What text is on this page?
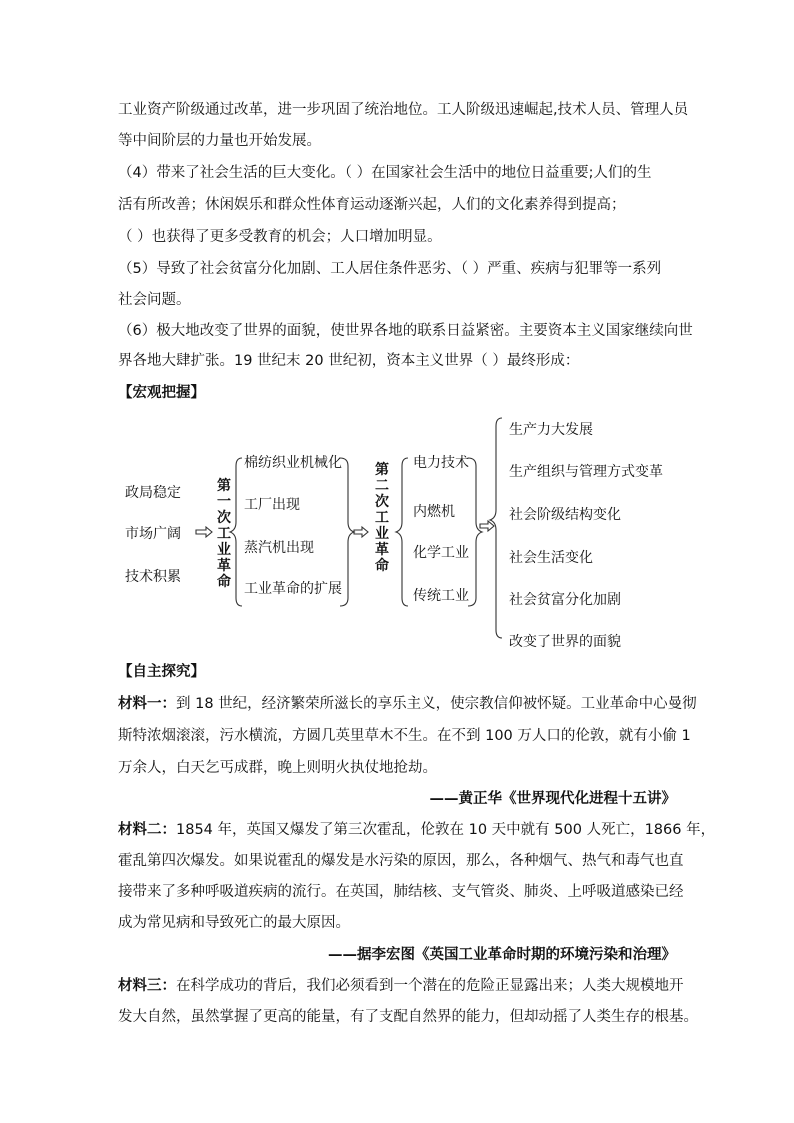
工业资产阶级通过改革，进一步巩固了统治地位。工人阶级迅速崛起,技术人员、管理人员
等中间阶层的力量也开始发展。
（4）带来了社会生活的巨大变化。（ ）在国家社会生活中的地位日益重要;人们的生
活有所改善；休闲娱乐和群众性体育运动逐渐兴起，人们的文化素养得到提高；
（ ）也获得了更多受教育的机会；人口增加明显。
（5）导致了社会贫富分化加剧、工人居住条件恶劣、（ ）严重、疾病与犯罪等一系列
社会问题。
（6）极大地改变了世界的面貌，使世界各地的联系日益紧密。主要资本主义国家继续向世
界各地大肆扩张。19 世纪末 20 世纪初，资本主义世界（ ）最终形成：
【宏观把握】
政局稳定
市场广阔
技术积累
第一次工业革命
棉纺织业机械化
工厂出现
蒸汽机出现
工业革命的扩展
第二次工业革命
电力技术
内燃机
化学工业
传统工业
生产力大发展
生产组织与管理方式变革
社会阶级结构变化
社会生活变化
社会贫富分化加剧
改变了世界的面貌
【自主探究】
材料一：到 18 世纪，经济繁荣所滋长的享乐主义，使宗教信仰被怀疑。工业革命中心曼彻
斯特浓烟滚滚，污水横流，方圆几英里草木不生。在不到 100 万人口的伦敦，就有小偷 1
万余人，白天乞丐成群，晚上则明火执仗地抢劫。
——黄正华《世界现代化进程十五讲》
材料二：1854 年，英国又爆发了第三次霍乱，伦敦在 10 天中就有 500 人死亡，1866 年，
霍乱第四次爆发。如果说霍乱的爆发是水污染的原因，那么，各种烟气、热气和毒气也直
接带来了多种呼吸道疾病的流行。在英国，肺结核、支气管炎、肺炎、上呼吸道感染已经
成为常见病和导致死亡的最大原因。
——据李宏图《英国工业革命时期的环境污染和治理》
材料三：在科学成功的背后，我们必须看到一个潜在的危险正显露出来；人类大规模地开
发大自然，虽然掌握了更高的能量，有了支配自然界的能力，但却动摇了人类生存的根基。
